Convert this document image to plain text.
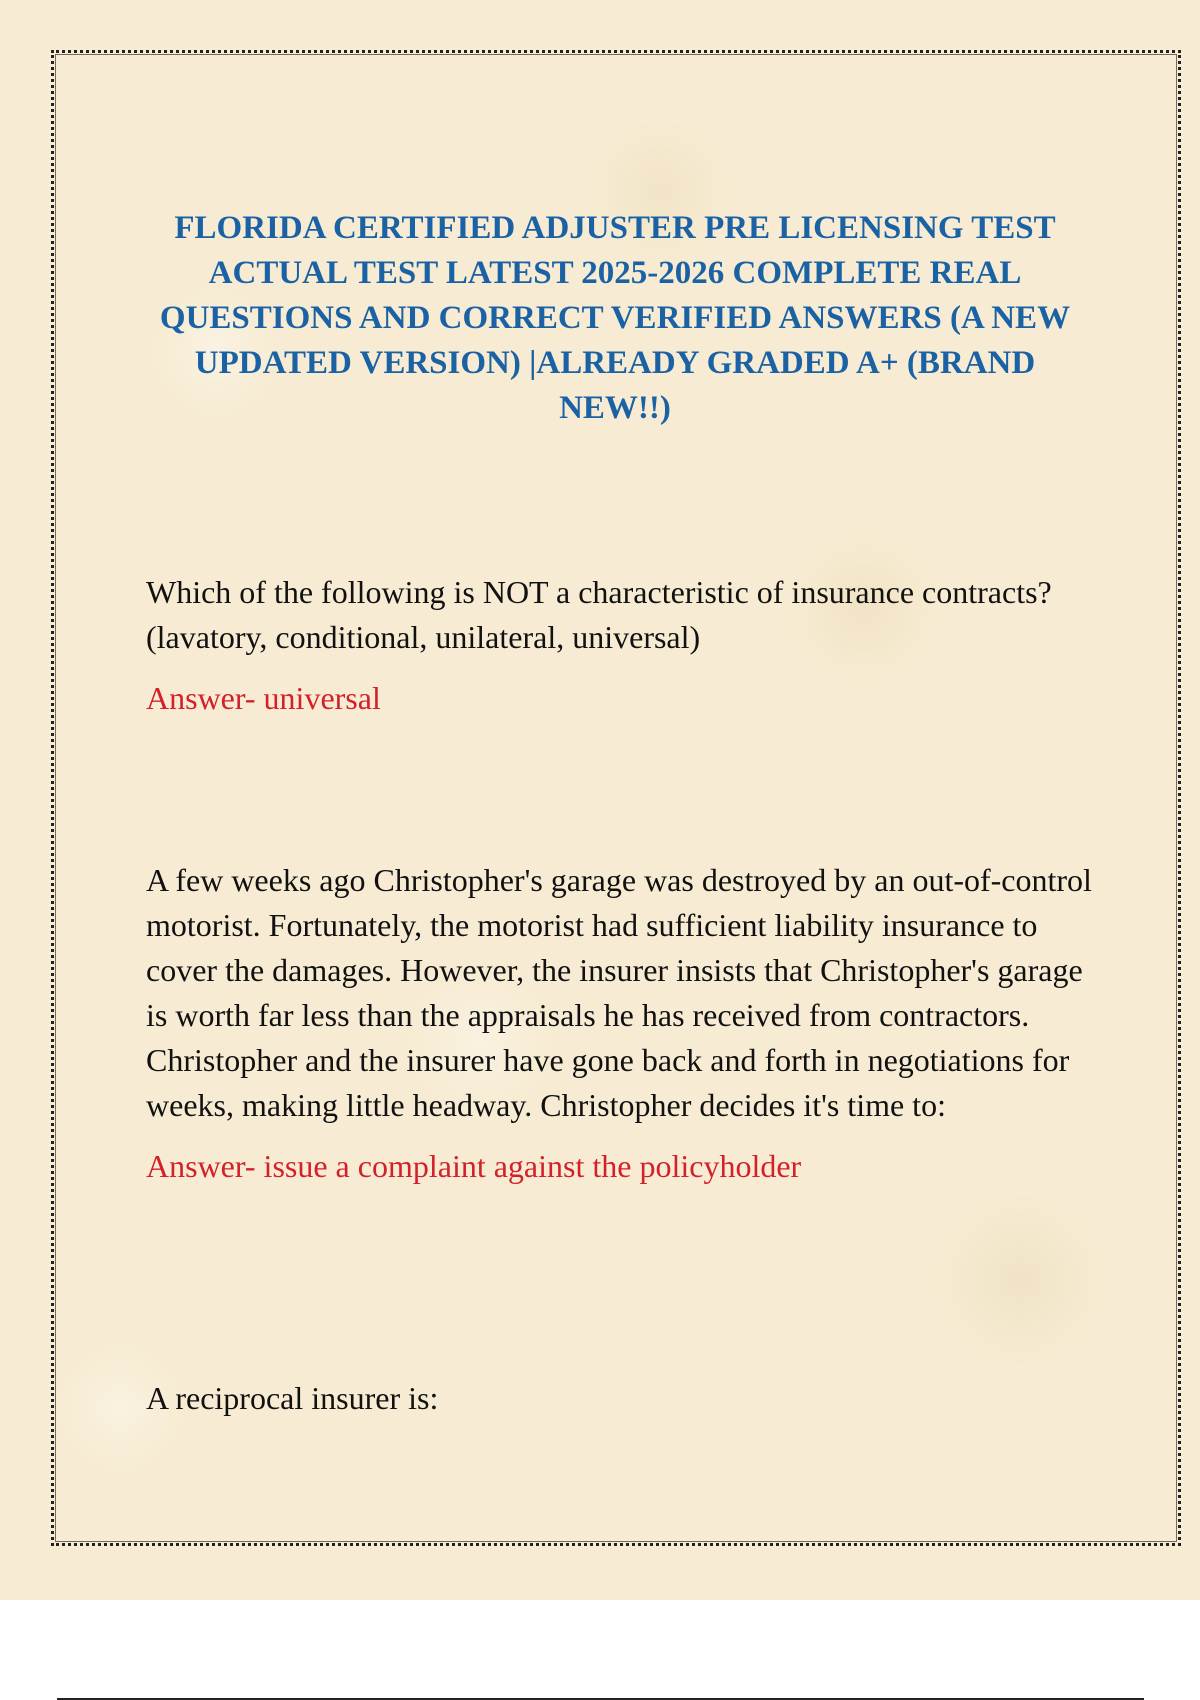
FLORIDA CERTIFIED ADJUSTER PRE LICENSING TEST ACTUAL TEST LATEST 2025-2026 COMPLETE REAL QUESTIONS AND CORRECT VERIFIED ANSWERS (A NEW UPDATED VERSION) |ALREADY GRADED A+ (BRAND NEW!!)

Which of the following is NOT a characteristic of insurance contracts? (lavatory, conditional, unilateral, universal)

Answer- universal

A few weeks ago Christopher's garage was destroyed by an out-of-control motorist. Fortunately, the motorist had sufficient liability insurance to cover the damages. However, the insurer insists that Christopher's garage is worth far less than the appraisals he has received from contractors. Christopher and the insurer have gone back and forth in negotiations for weeks, making little headway. Christopher decides it's time to:

Answer- issue a complaint against the policyholder

A reciprocal insurer is:
